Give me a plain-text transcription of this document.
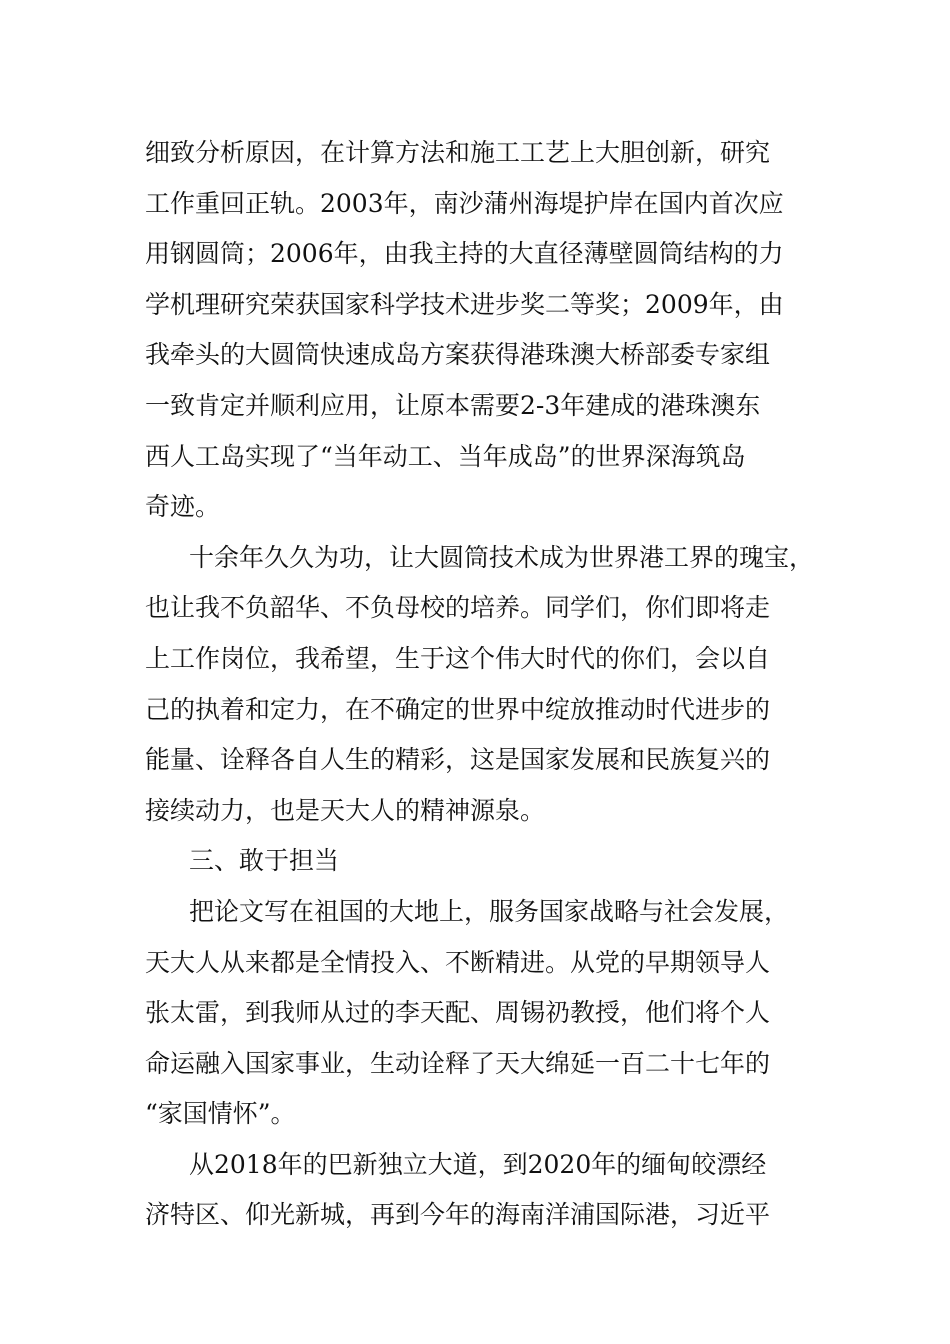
细致分析原因，在计算方法和施工工艺上大胆创新，研究
工作重回正轨。2003年，南沙蒲州海堤护岸在国内首次应
用钢圆筒；2006年，由我主持的大直径薄壁圆筒结构的力
学机理研究荣获国家科学技术进步奖二等奖；2009年，由
我牵头的大圆筒快速成岛方案获得港珠澳大桥部委专家组
一致肯定并顺利应用，让原本需要2-3年建成的港珠澳东
西人工岛实现了“当年动工、当年成岛”的世界深海筑岛
奇迹。
十余年久久为功，让大圆筒技术成为世界港工界的瑰宝，
也让我不负韶华、不负母校的培养。同学们，你们即将走
上工作岗位，我希望，生于这个伟大时代的你们，会以自
己的执着和定力，在不确定的世界中绽放推动时代进步的
能量、诠释各自人生的精彩，这是国家发展和民族复兴的
接续动力，也是天大人的精神源泉。
三、敢于担当
把论文写在祖国的大地上，服务国家战略与社会发展，
天大人从来都是全情投入、不断精进。从党的早期领导人
张太雷，到我师从过的李天配、周锡礽教授，他们将个人
命运融入国家事业，生动诠释了天大绵延一百二十七年的
“家国情怀”。
从2018年的巴新独立大道，到2020年的缅甸皎漂经
济特区、仰光新城，再到今年的海南洋浦国际港，习近平
